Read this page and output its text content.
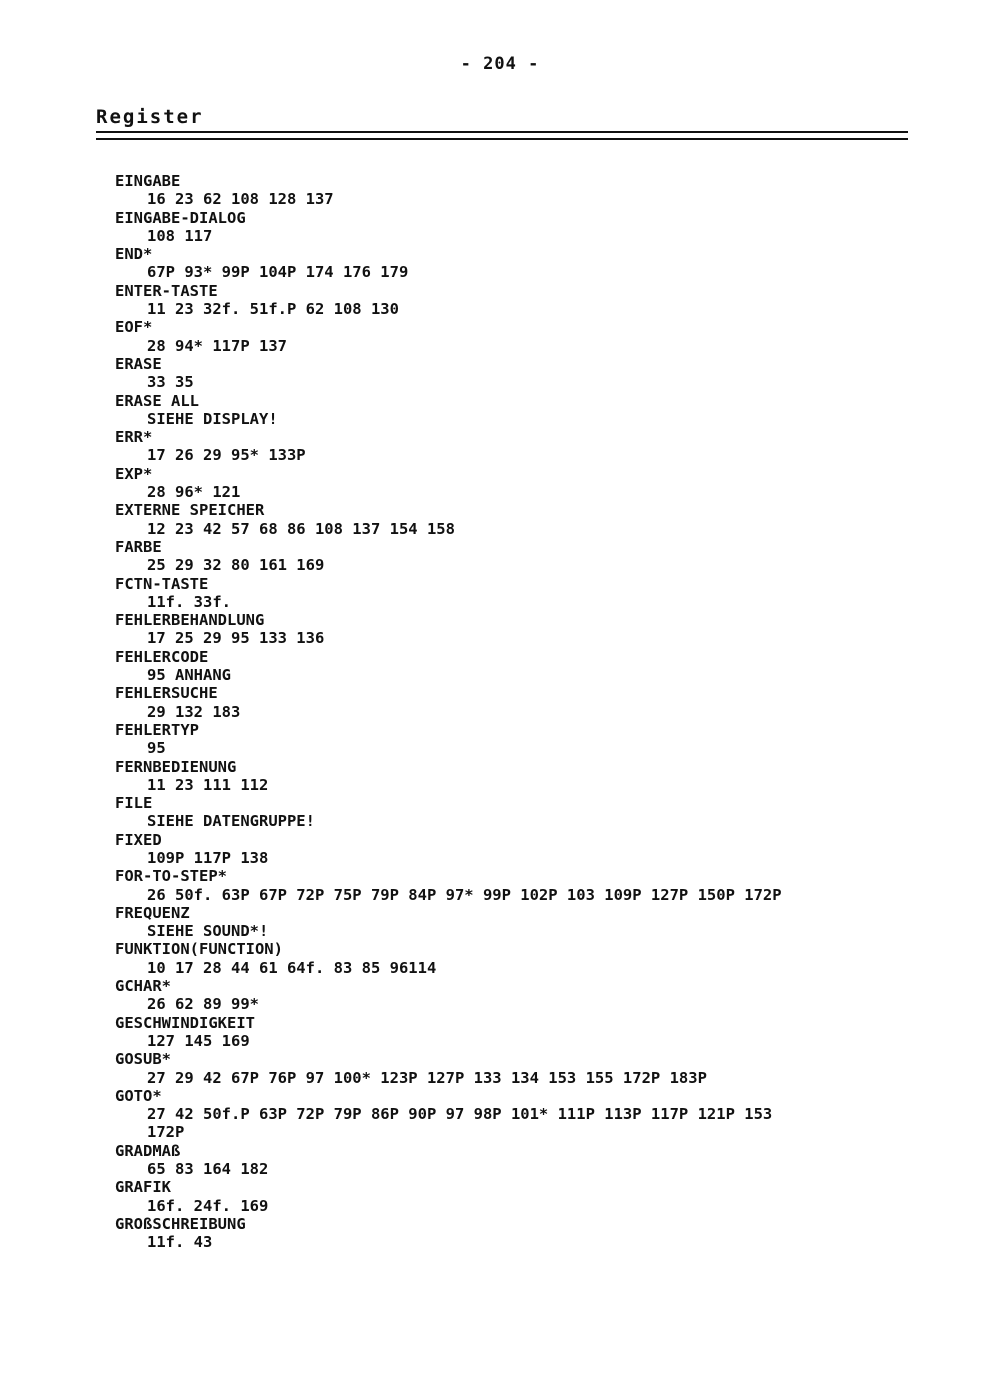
- 204 -
Register
EINGABE
16 23 62 108 128 137
EINGABE-DIALOG
108 117
END*
67P 93* 99P 104P 174 176 179
ENTER-TASTE
11 23 32f. 51f.P 62 108 130
EOF*
28 94* 117P 137
ERASE
33 35
ERASE ALL
SIEHE DISPLAY!
ERR*
17 26 29 95* 133P
EXP*
28 96* 121
EXTERNE SPEICHER
12 23 42 57 68 86 108 137 154 158
FARBE
25 29 32 80 161 169
FCTN-TASTE
11f. 33f.
FEHLERBEHANDLUNG
17 25 29 95 133 136
FEHLERCODE
95 ANHANG
FEHLERSUCHE
29 132 183
FEHLERTYP
95
FERNBEDIENUNG
11 23 111 112
FILE
SIEHE DATENGRUPPE!
FIXED
109P 117P 138
FOR-TO-STEP*
26 50f. 63P 67P 72P 75P 79P 84P 97* 99P 102P 103 109P 127P 150P 172P
FREQUENZ
SIEHE SOUND*!
FUNKTION(FUNCTION)
10 17 28 44 61 64f. 83 85 96114
GCHAR*
26 62 89 99*
GESCHWINDIGKEIT
127 145 169
GOSUB*
27 29 42 67P 76P 97 100* 123P 127P 133 134 153 155 172P 183P
GOTO*
27 42 50f.P 63P 72P 79P 86P 90P 97 98P 101* 111P 113P 117P 121P 153
172P
GRADMAß
65 83 164 182
GRAFIK
16f. 24f. 169
GROßSCHREIBUNG
11f. 43
